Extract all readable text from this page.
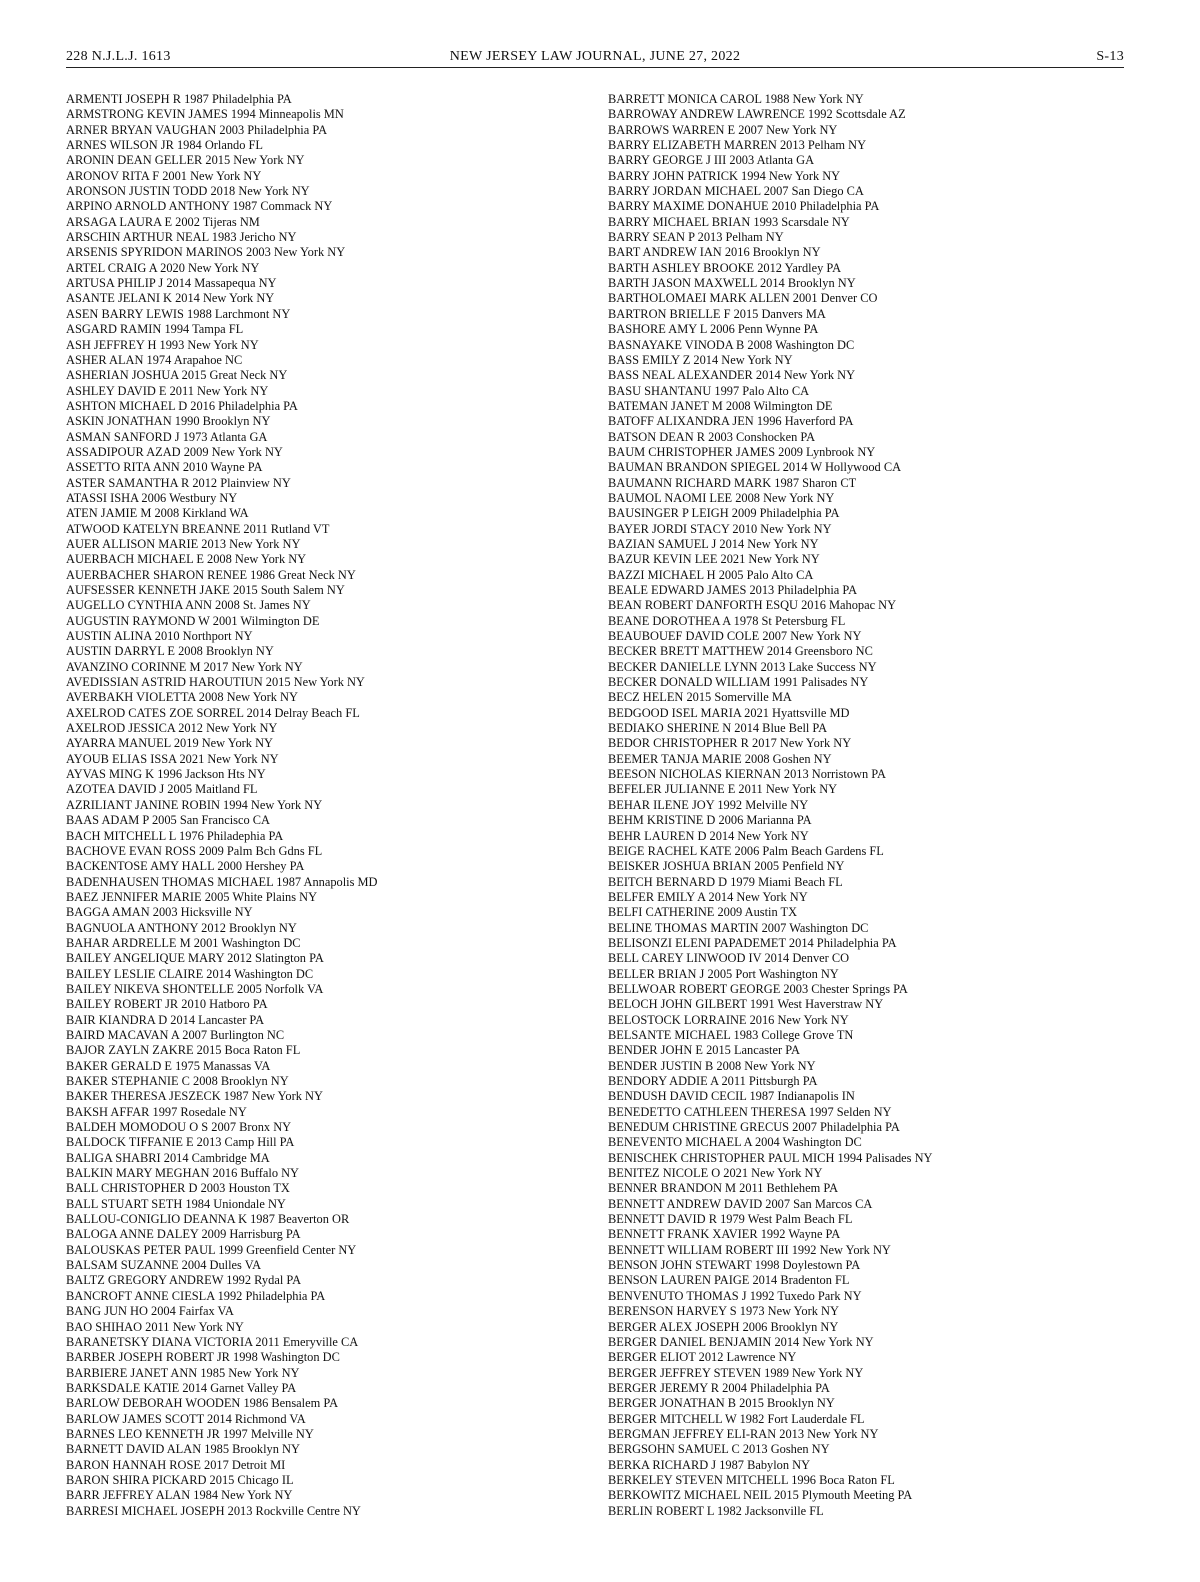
228 N.J.L.J. 1613	NEW JERSEY LAW JOURNAL, JUNE 27, 2022	S-13
ARMENTI JOSEPH R 1987 Philadelphia PA
ARMSTRONG KEVIN JAMES 1994 Minneapolis MN
ARNER BRYAN VAUGHAN 2003 Philadelphia PA
ARNES WILSON JR 1984 Orlando FL
ARONIN DEAN GELLER 2015 New York NY
ARONOV RITA F 2001 New York NY
ARONSON JUSTIN TODD 2018 New York NY
ARPINO ARNOLD ANTHONY 1987 Commack NY
ARSAGA LAURA E 2002 Tijeras NM
ARSCHIN ARTHUR NEAL 1983 Jericho NY
ARSENIS SPYRIDON MARINOS 2003 New York NY
ARTEL CRAIG A 2020 New York NY
ARTUSA PHILIP J 2014 Massapequa NY
ASANTE JELANI K 2014 New York NY
ASEN BARRY LEWIS 1988 Larchmont NY
ASGARD RAMIN 1994 Tampa FL
ASH JEFFREY H 1993 New York NY
ASHER ALAN 1974 Arapahoe NC
ASHERIAN JOSHUA 2015 Great Neck NY
ASHLEY DAVID E 2011 New York NY
ASHTON MICHAEL D 2016 Philadelphia PA
ASKIN JONATHAN 1990 Brooklyn NY
ASMAN SANFORD J 1973 Atlanta GA
ASSADIPOUR AZAD 2009 New York NY
ASSETTO RITA ANN 2010 Wayne PA
ASTER SAMANTHA R 2012 Plainview NY
ATASSI ISHA 2006 Westbury NY
ATEN JAMIE M 2008 Kirkland WA
ATWOOD KATELYN BREANNE 2011 Rutland VT
AUER ALLISON MARIE 2013 New York NY
AUERBACH MICHAEL E 2008 New York NY
AUERBACHER SHARON RENEE 1986 Great Neck NY
AUFSESSER KENNETH JAKE 2015 South Salem NY
AUGELLO CYNTHIA ANN 2008 St. James NY
AUGUSTIN RAYMOND W 2001 Wilmington DE
AUSTIN ALINA 2010 Northport NY
AUSTIN DARRYL E 2008 Brooklyn NY
AVANZINO CORINNE M 2017 New York NY
AVEDISSIAN ASTRID HAROUTIUN 2015 New York NY
AVERBAKH VIOLETTA 2008 New York NY
AXELROD CATES ZOE SORREL 2014 Delray Beach FL
AXELROD JESSICA 2012 New York NY
AYARRA MANUEL 2019 New York NY
AYOUB ELIAS ISSA 2021 New York NY
AYVAS MING K 1996 Jackson Hts NY
AZOTEA DAVID J 2005 Maitland FL
AZRILIANT JANINE ROBIN 1994 New York NY
BAAS ADAM P 2005 San Francisco CA
BACH MITCHELL L 1976 Philadephia PA
BACHOVE EVAN ROSS 2009 Palm Bch Gdns FL
BACKENTOSE AMY HALL 2000 Hershey PA
BADENHAUSEN THOMAS MICHAEL 1987 Annapolis MD
BAEZ JENNIFER MARIE 2005 White Plains NY
BAGGA AMAN 2003 Hicksville NY
BAGNUOLA ANTHONY 2012 Brooklyn NY
BAHAR ARDRELLE M 2001 Washington DC
BAILEY ANGELIQUE MARY 2012 Slatington PA
BAILEY LESLIE CLAIRE 2014 Washington DC
BAILEY NIKEVA SHONTELLE 2005 Norfolk VA
BAILEY ROBERT JR 2010 Hatboro PA
BAIR KIANDRA D 2014 Lancaster PA
BAIRD MACAVAN A 2007 Burlington NC
BAJOR ZAYLN ZAKRE 2015 Boca Raton FL
BAKER GERALD E 1975 Manassas VA
BAKER STEPHANIE C 2008 Brooklyn NY
BAKER THERESA JESZECK 1987 New York NY
BAKSH AFFAR 1997 Rosedale NY
BALDEH MOMODOU O S 2007 Bronx NY
BALDOCK TIFFANIE E 2013 Camp Hill PA
BALIGA SHABRI 2014 Cambridge MA
BALKIN MARY MEGHAN 2016 Buffalo NY
BALL CHRISTOPHER D 2003 Houston TX
BALL STUART SETH 1984 Uniondale NY
BALLOU-CONIGLIO DEANNA K 1987 Beaverton OR
BALOGA ANNE DALEY 2009 Harrisburg PA
BALOUSKAS PETER PAUL 1999 Greenfield Center NY
BALSAM SUZANNE 2004 Dulles VA
BALTZ GREGORY ANDREW 1992 Rydal PA
BANCROFT ANNE CIESLA 1992 Philadelphia PA
BANG JUN HO 2004 Fairfax VA
BAO SHIHAO 2011 New York NY
BARANETSKY DIANA VICTORIA 2011 Emeryville CA
BARBER JOSEPH ROBERT JR 1998 Washington DC
BARBIERE JANET ANN 1985 New York NY
BARKSDALE KATIE 2014 Garnet Valley PA
BARLOW DEBORAH WOODEN 1986 Bensalem PA
BARLOW JAMES SCOTT 2014 Richmond VA
BARNES LEO KENNETH JR 1997 Melville NY
BARNETT DAVID ALAN 1985 Brooklyn NY
BARON HANNAH ROSE 2017 Detroit MI
BARON SHIRA PICKARD 2015 Chicago IL
BARR JEFFREY ALAN 1984 New York NY
BARRESI MICHAEL JOSEPH 2013 Rockville Centre NY
BARRETT MONICA CAROL 1988 New York NY
BARROWAY ANDREW LAWRENCE 1992 Scottsdale AZ
BARROWS WARREN E 2007 New York NY
BARRY ELIZABETH MARREN 2013 Pelham NY
BARRY GEORGE J III 2003 Atlanta GA
BARRY JOHN PATRICK 1994 New York NY
BARRY JORDAN MICHAEL 2007 San Diego CA
BARRY MAXIME DONAHUE 2010 Philadelphia PA
BARRY MICHAEL BRIAN 1993 Scarsdale NY
BARRY SEAN P 2013 Pelham NY
BART ANDREW IAN 2016 Brooklyn NY
BARTH ASHLEY BROOKE 2012 Yardley PA
BARTH JASON MAXWELL 2014 Brooklyn NY
BARTHOLOMAEI MARK ALLEN 2001 Denver CO
BARTRON BRIELLE F 2015 Danvers MA
BASHORE AMY L 2006 Penn Wynne PA
BASNAYAKE VINODA B 2008 Washington DC
BASS EMILY Z 2014 New York NY
BASS NEAL ALEXANDER 2014 New York NY
BASU SHANTANU 1997 Palo Alto CA
BATEMAN JANET M 2008 Wilmington DE
BATOFF ALIXANDRA JEN 1996 Haverford PA
BATSON DEAN R 2003 Conshocken PA
BAUM CHRISTOPHER JAMES 2009 Lynbrook NY
BAUMAN BRANDON SPIEGEL 2014 W Hollywood CA
BAUMANN RICHARD MARK 1987 Sharon CT
BAUMOL NAOMI LEE 2008 New York NY
BAUSINGER P LEIGH 2009 Philadelphia PA
BAYER JORDI STACY 2010 New York NY
BAZIAN SAMUEL J 2014 New York NY
BAZUR KEVIN LEE 2021 New York NY
BAZZI MICHAEL H 2005 Palo Alto CA
BEALE EDWARD JAMES 2013 Philadelphia PA
BEAN ROBERT DANFORTH ESQU 2016 Mahopac NY
BEANE DOROTHEA A 1978 St Petersburg FL
BEAUBOUEF DAVID COLE 2007 New York NY
BECKER BRETT MATTHEW 2014 Greensboro NC
BECKER DANIELLE LYNN 2013 Lake Success NY
BECKER DONALD WILLIAM 1991 Palisades NY
BECZ HELEN 2015 Somerville MA
BEDGOOD ISEL MARIA 2021 Hyattsville MD
BEDIAKO SHERINE N 2014 Blue Bell PA
BEDOR CHRISTOPHER R 2017 New York NY
BEEMER TANJA MARIE 2008 Goshen NY
BEESON NICHOLAS KIERNAN 2013 Norristown PA
BEFELER JULIANNE E 2011 New York NY
BEHAR ILENE JOY 1992 Melville NY
BEHM KRISTINE D 2006 Marianna PA
BEHR LAUREN D 2014 New York NY
BEIGE RACHEL KATE 2006 Palm Beach Gardens FL
BEISKER JOSHUA BRIAN 2005 Penfield NY
BEITCH BERNARD D 1979 Miami Beach FL
BELFER EMILY A 2014 New York NY
BELFI CATHERINE 2009 Austin TX
BELINE THOMAS MARTIN 2007 Washington DC
BELISONZI ELENI PAPADEMET 2014 Philadelphia PA
BELL CAREY LINWOOD IV 2014 Denver CO
BELLER BRIAN J 2005 Port Washington NY
BELLWOAR ROBERT GEORGE 2003 Chester Springs PA
BELOCH JOHN GILBERT 1991 West Haverstraw NY
BELOSTOCK LORRAINE 2016 New York NY
BELSANTE MICHAEL 1983 College Grove TN
BENDER JOHN E 2015 Lancaster PA
BENDER JUSTIN B 2008 New York NY
BENDORY ADDIE A 2011 Pittsburgh PA
BENDUSH DAVID CECIL 1987 Indianapolis IN
BENEDETTO CATHLEEN THERESA 1997 Selden NY
BENEDUM CHRISTINE GRECUS 2007 Philadelphia PA
BENEVENTO MICHAEL A 2004 Washington DC
BENISCHEK CHRISTOPHER PAUL MICH 1994 Palisades NY
BENITEZ NICOLE O 2021 New York NY
BENNER BRANDON M 2011 Bethlehem PA
BENNETT ANDREW DAVID 2007 San Marcos CA
BENNETT DAVID R 1979 West Palm Beach FL
BENNETT FRANK XAVIER 1992 Wayne PA
BENNETT WILLIAM ROBERT III 1992 New York NY
BENSON JOHN STEWART 1998 Doylestown PA
BENSON LAUREN PAIGE 2014 Bradenton FL
BENVENUTO THOMAS J 1992 Tuxedo Park NY
BERENSON HARVEY S 1973 New York NY
BERGER ALEX JOSEPH 2006 Brooklyn NY
BERGER DANIEL BENJAMIN 2014 New York NY
BERGER ELIOT 2012 Lawrence NY
BERGER JEFFREY STEVEN 1989 New York NY
BERGER JEREMY R 2004 Philadelphia PA
BERGER JONATHAN B 2015 Brooklyn NY
BERGER MITCHELL W 1982 Fort Lauderdale FL
BERGMAN JEFFREY ELI-RAN 2013 New York NY
BERGSOHN SAMUEL C 2013 Goshen NY
BERKA RICHARD J 1987 Babylon NY
BERKELEY STEVEN MITCHELL 1996 Boca Raton FL
BERKOWITZ MICHAEL NEIL 2015 Plymouth Meeting PA
BERLIN ROBERT L 1982 Jacksonville FL
